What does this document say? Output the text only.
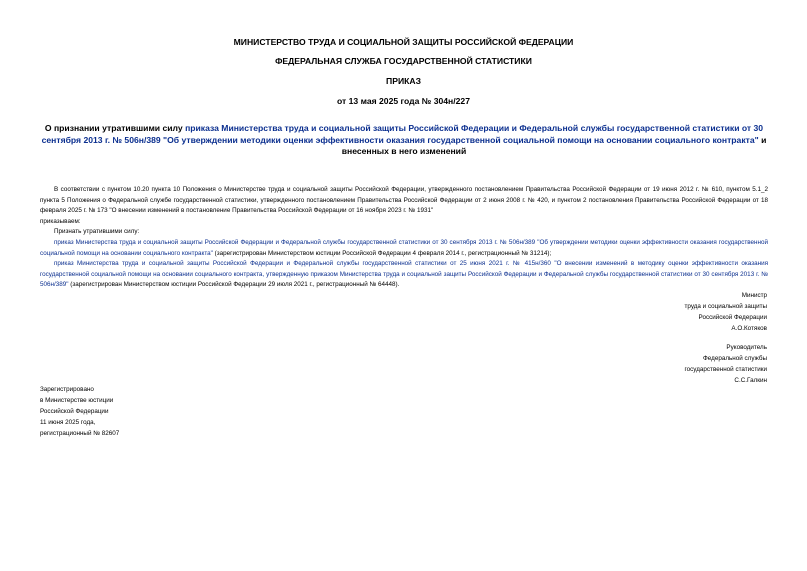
МИНИСТЕРСТВО ТРУДА И СОЦИАЛЬНОЙ ЗАЩИТЫ РОССИЙСКОЙ ФЕДЕРАЦИИ
ФЕДЕРАЛЬНАЯ СЛУЖБА ГОСУДАРСТВЕННОЙ СТАТИСТИКИ
ПРИКАЗ
от 13 мая 2025 года № 304н/227
О признании утратившими силу приказа Министерства труда и социальной защиты Российской Федерации и Федеральной службы государственной статистики от 30 сентября 2013 г. № 506н/389 "Об утверждении методики оценки эффективности оказания государственной социальной помощи на основании социального контракта" и внесенных в него изменений

В соответствии с пунктом 10.20 пункта 10 Положения о Министерстве труда и социальной защиты Российской Федерации, утвержденного постановлением Правительства Российской Федерации от 19 июня 2012 г. № 610, пунктом 5.1_2 пункта 5 Положения о Федеральной службе государственной статистики, утвержденного постановлением Правительства Российской Федерации от 2 июня 2008 г. № 420, и пунктом 2 постановления Правительства Российской Федерации от 18 февраля 2025 г. № 173 "О внесении изменений в постановление Правительства Российской Федерации от 16 ноября 2023 г. № 1931"

приказываем:

Признать утратившими силу:

приказ Министерства труда и социальной защиты Российской Федерации и Федеральной службы государственной статистики от 30 сентября 2013 г. № 506н/389 "Об утверждении методики оценки эффективности оказания государственной социальной помощи на основании социального контракта" (зарегистрирован Министерством юстиции Российской Федерации 4 февраля 2014 г., регистрационный № 31214);

приказ Министерства труда и социальной защиты Российской Федерации и Федеральной службы государственной статистики от 25 июня 2021 г. № 415н/360 "О внесении изменений в методику оценки эффективности оказания государственной социальной помощи на основании социального контракта, утвержденную приказом Министерства труда и социальной защиты Российской Федерации и Федеральной службы государственной статистики от 30 сентября 2013 г. № 506н/389" (зарегистрирован Министерством юстиции Российской Федерации 29 июля 2021 г., регистрационный № 64448).

Министр
труда и социальной защиты
Российской Федерации
А.О.Котяков
Руководитель
Федеральной службы
государственной статистики
С.С.Галкин
Зарегистрировано
в Министерстве юстиции
Российской Федерации
11 июня 2025 года,
регистрационный № 82607
